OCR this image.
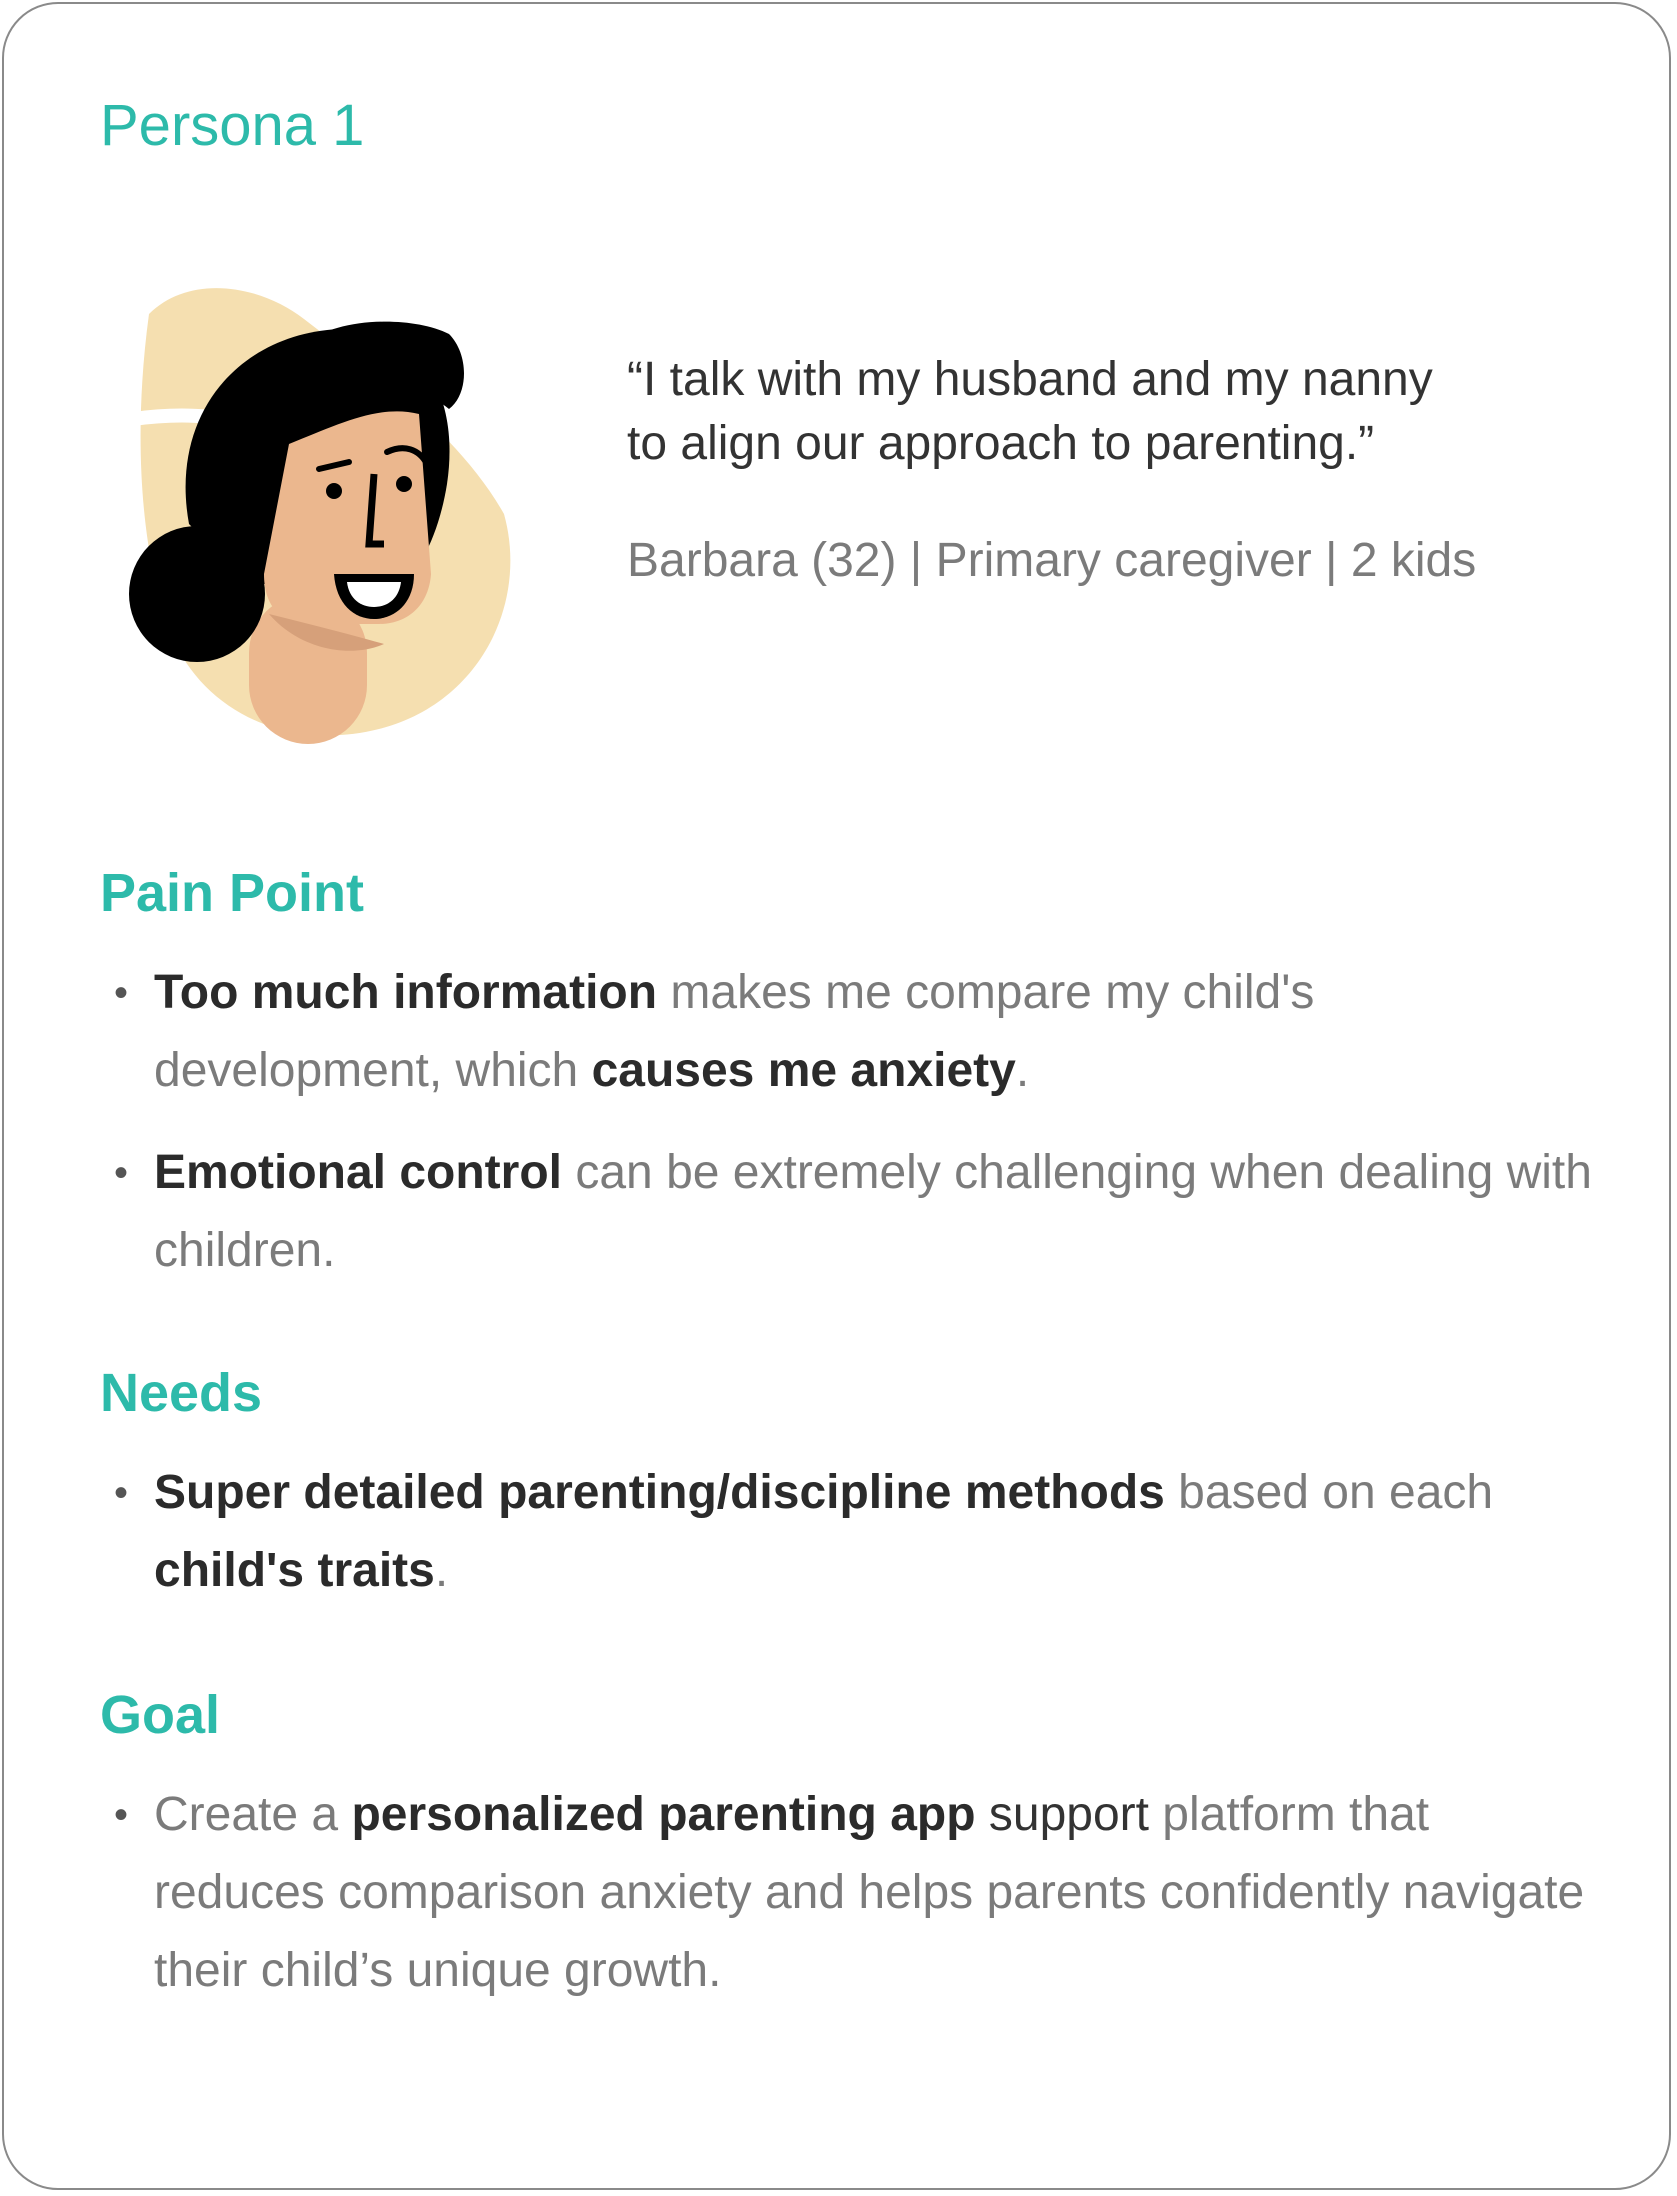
Persona 1

“I talk with my husband and my nanny
to align our approach to parenting.”

Barbara (32) | Primary caregiver | 2 kids

Pain Point
• Too much information makes me compare my child's development, which causes me anxiety.
• Emotional control can be extremely challenging when dealing with children.
Needs
• Super detailed parenting/discipline methods based on each child's traits.
Goal
• Create a personalized parenting app support platform that reduces comparison anxiety and helps parents confidently navigate their child’s unique growth.
